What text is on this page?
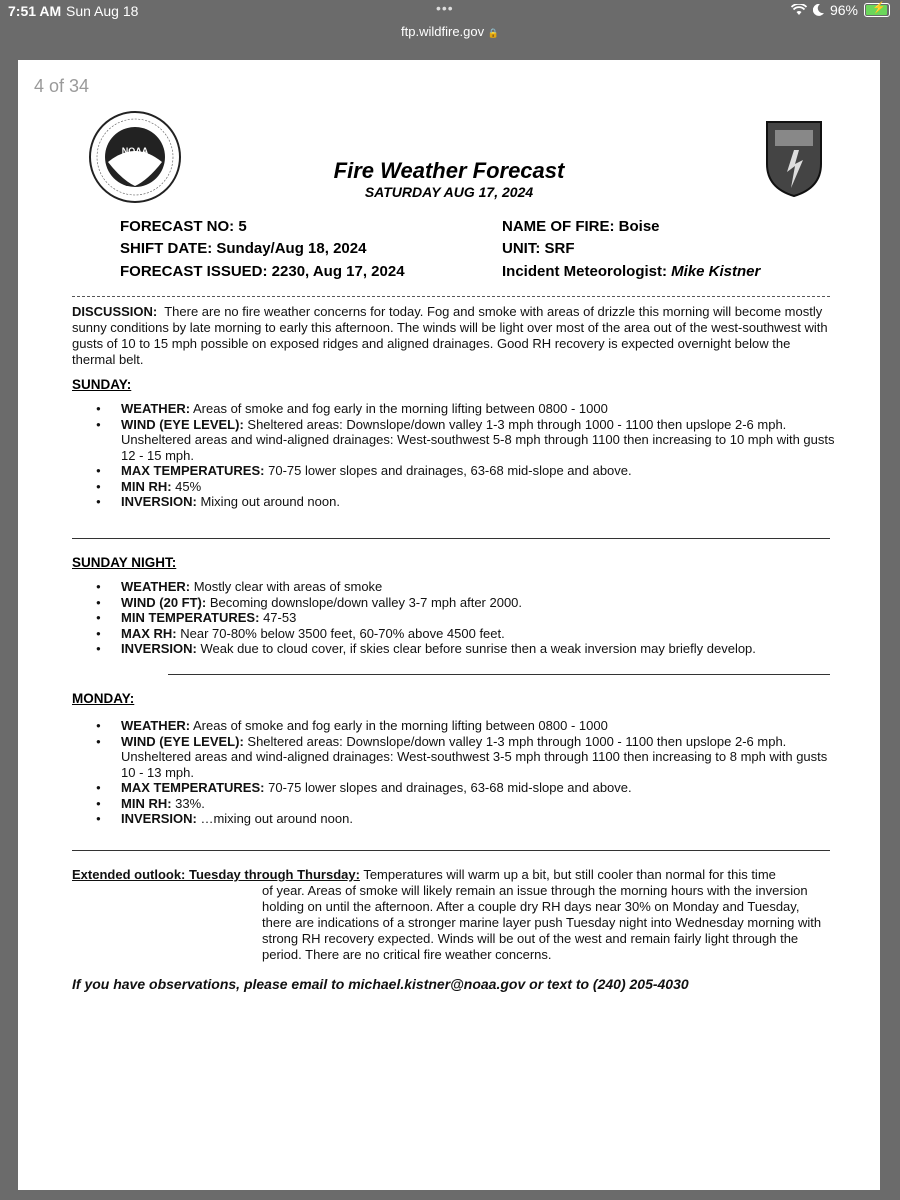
7:51 AM Sun Aug 18	•••	96% ⚡
ftp.wildfire.gov 🔒
4 of 34
NOAA
Fire Weather Forecast
SATURDAY AUG 17, 2024
FORECAST NO: 5
SHIFT DATE: Sunday/Aug 18, 2024
FORECAST ISSUED: 2230, Aug 17, 2024
NAME OF FIRE: Boise
UNIT: SRF
Incident Meteorologist: Mike Kistner
DISCUSSION: There are no fire weather concerns for today. Fog and smoke with areas of drizzle this morning will become mostly sunny conditions by late morning to early this afternoon. The winds will be light over most of the area out of the west-southwest with gusts of 10 to 15 mph possible on exposed ridges and aligned drainages. Good RH recovery is expected overnight below the thermal belt.
SUNDAY:
● WEATHER: Areas of smoke and fog early in the morning lifting between 0800 - 1000
● WIND (EYE LEVEL): Sheltered areas: Downslope/down valley 1-3 mph through 1000 - 1100 then upslope 2-6 mph. Unsheltered areas and wind-aligned drainages: West-southwest 5-8 mph through 1100 then increasing to 10 mph with gusts 12 - 15 mph.
● MAX TEMPERATURES: 70-75 lower slopes and drainages, 63-68 mid-slope and above.
● MIN RH: 45%
● INVERSION: Mixing out around noon.
SUNDAY NIGHT:
● WEATHER: Mostly clear with areas of smoke
● WIND (20 FT): Becoming downslope/down valley 3-7 mph after 2000.
● MIN TEMPERATURES: 47-53
● MAX RH: Near 70-80% below 3500 feet, 60-70% above 4500 feet.
● INVERSION: Weak due to cloud cover, if skies clear before sunrise then a weak inversion may briefly develop.
MONDAY:
● WEATHER: Areas of smoke and fog early in the morning lifting between 0800 - 1000
● WIND (EYE LEVEL): Sheltered areas: Downslope/down valley 1-3 mph through 1000 - 1100 then upslope 2-6 mph. Unsheltered areas and wind-aligned drainages: West-southwest 3-5 mph through 1100 then increasing to 8 mph with gusts 10 - 13 mph.
● MAX TEMPERATURES: 70-75 lower slopes and drainages, 63-68 mid-slope and above.
● MIN RH: 33%.
● INVERSION: …mixing out around noon.
Extended outlook: Tuesday through Thursday: Temperatures will warm up a bit, but still cooler than normal for this time
of year. Areas of smoke will likely remain an issue through the morning hours with the inversion holding on until the afternoon. After a couple dry RH days near 30% on Monday and Tuesday, there are indications of a stronger marine layer push Tuesday night into Wednesday morning with strong RH recovery expected. Winds will be out of the west and remain fairly light through the period. There are no critical fire weather concerns.
If you have observations, please email to michael.kistner@noaa.gov or text to (240) 205-4030
